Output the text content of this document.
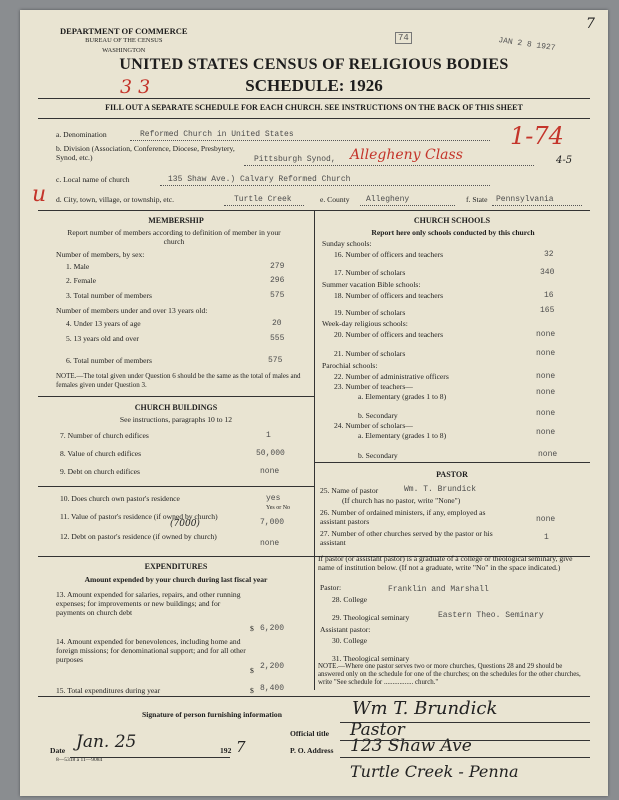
DEPARTMENT OF COMMERCE
BUREAU OF THE CENSUS
WASHINGTON
74	JAN 2 8 1927
7
UNITED STATES CENSUS OF RELIGIOUS BODIES
SCHEDULE: 1926
3 3
FILL OUT A SEPARATE SCHEDULE FOR EACH CHURCH. SEE INSTRUCTIONS ON THE BACK OF THIS SHEET
a. Denomination	Reformed Church in United States	1-74
b. Division (Association, Conference, Diocese, Presbytery, Synod, etc.)	Pittsburgh Synod, Allegheny Class	4-5
c. Local name of church	135 Shaw Ave.) Calvary Reformed Church
u d. City, town, village, or township, etc.	Turtle Creek	e. County Allegheny	f. State Pennsylvania
MEMBERSHIP
Report number of members according to definition of member in your church
Number of members, by sex:
1. Male	279
2. Female	296
3. Total number of members	575
Number of members under and over 13 years old:
4. Under 13 years of age	20
5. 13 years old and over	555
6. Total number of members	575
NOTE.—The total given under Question 6 should be the same as the total of males and females given under Question 3.
CHURCH BUILDINGS
See instructions, paragraphs 10 to 12
7. Number of church edifices	1
8. Value of church edifices	50,000
9. Debt on church edifices	none
10. Does church own pastor's residence	yes
Yes or No
11. Value of pastor's residence (if owned by church)
(7000)	7,000
12. Debt on pastor's residence (if owned by church)
none
EXPENDITURES
Amount expended by your church during last fiscal year
13. Amount expended for salaries, repairs, and other running expenses; for improvements or new buildings; and for payments on church debt
$ 6,200
14. Amount expended for benevolences, including home and foreign missions; for denominational support; and for all other purposes
$ 2,200
15. Total expenditures during year	$ 8,400
CHURCH SCHOOLS
Report here only schools conducted by this church
Sunday schools:
16. Number of officers and teachers	32
17. Number of scholars	340
Summer vacation Bible schools:
18. Number of officers and teachers	16
19. Number of scholars	165
Week-day religious schools:
20. Number of officers and teachers	none
21. Number of scholars	none
Parochial schools:
22. Number of administrative officers	none
23. Number of teachers—
a. Elementary (grades 1 to 8)	none
b. Secondary	none
24. Number of scholars—
a. Elementary (grades 1 to 8)	none
b. Secondary	none
PASTOR
25. Name of pastor	Wm. T. Brundick
(If church has no pastor, write "None")
26. Number of ordained ministers, if any, employed as assistant pastors	none
27. Number of other churches served by the pastor or his assistant
1
If pastor (or assistant pastor) is a graduate of a college or theological seminary, give name of institution below. (If not a graduate, write "No" in the space indicated.)
Pastor:
28. College
Franklin and Marshall
29. Theological seminary	Eastern Theo. Seminary
Assistant pastor:
30. College
31. Theological seminary
NOTE.—Where one pastor serves two or more churches, Questions 28 and 29 should be answered only on the schedule for one of the churches; on the schedules for the other churches, write "See schedule for ................. church."
Signature of person furnishing information	Wm T. Brundick
Official title Pastor
Date Jan. 25	192 7
8—5318 a 11—9084
P. O. Address 123 Shaw Ave
Turtle Creek - Penna
